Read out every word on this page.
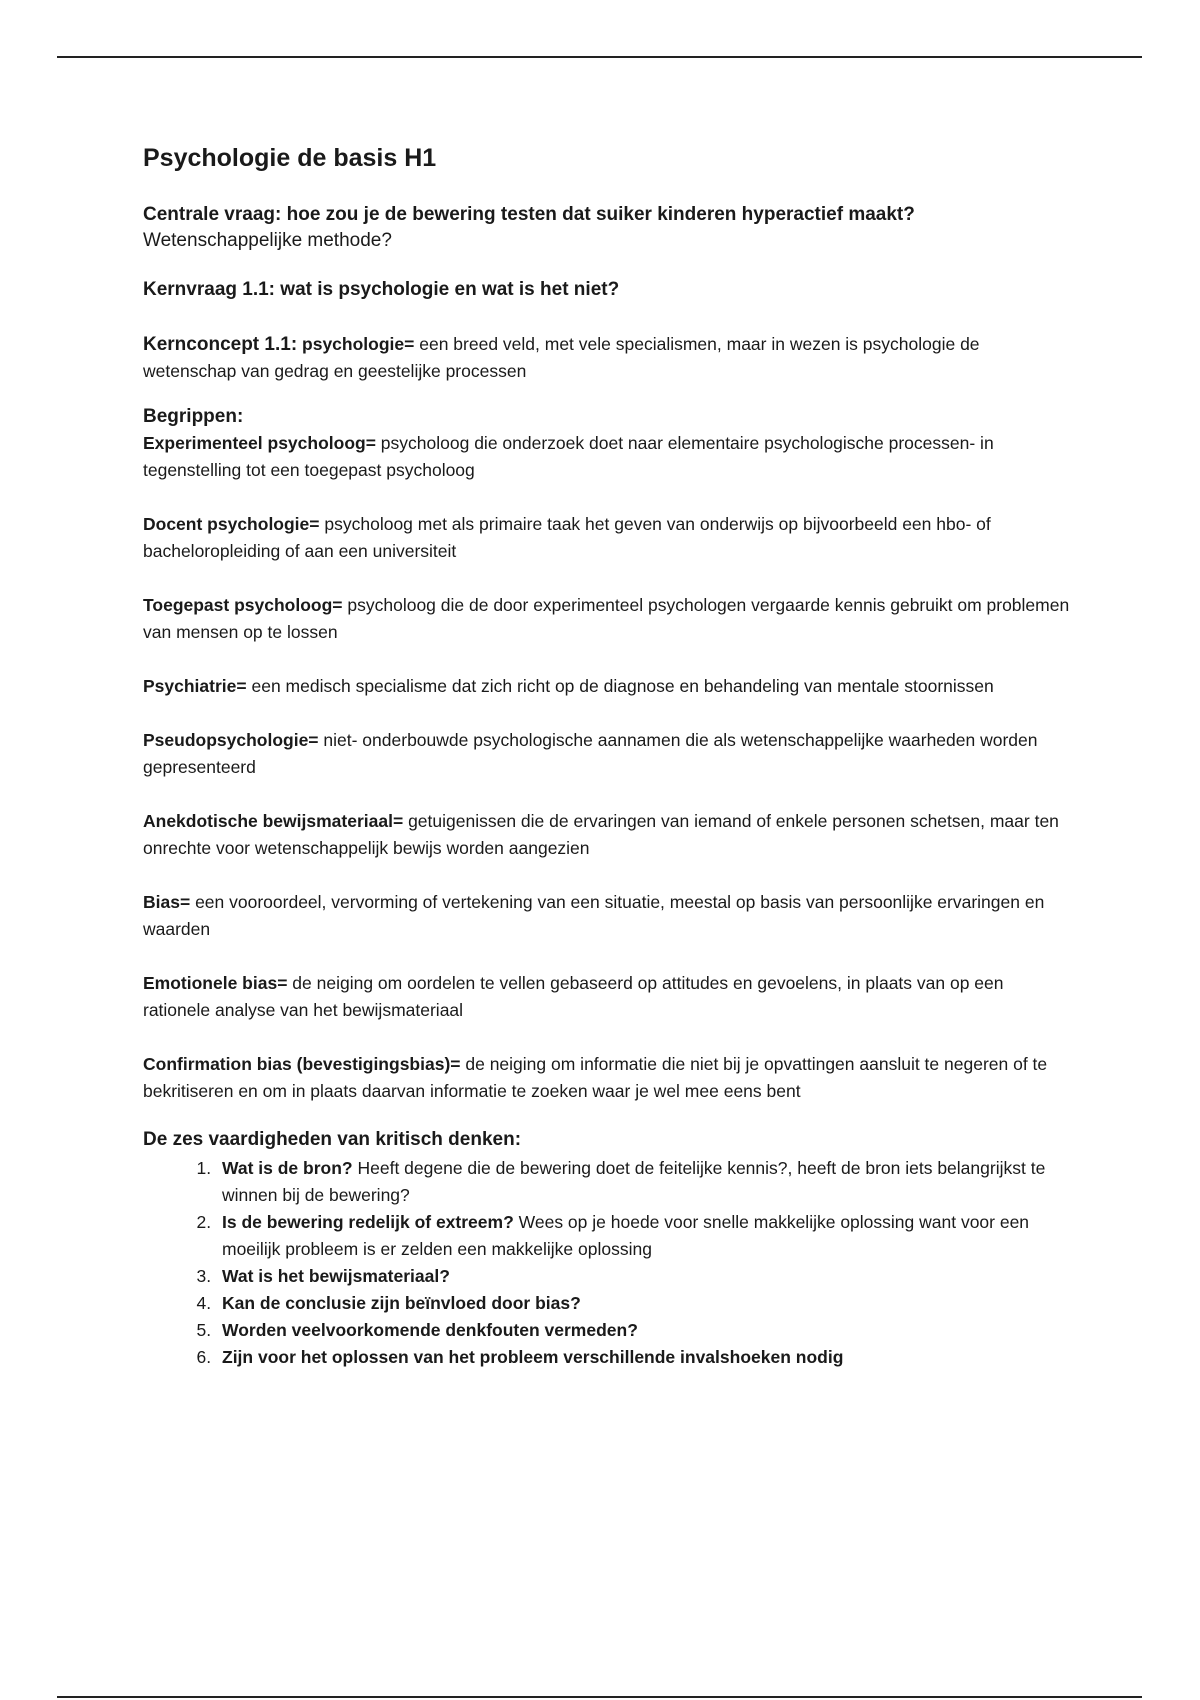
Psychologie de basis H1
Centrale vraag: hoe zou je de bewering testen dat suiker kinderen hyperactief maakt?
Wetenschappelijke methode?
Kernvraag 1.1: wat is psychologie en wat is het niet?

Kernconcept 1.1: psychologie= een breed veld, met vele specialismen, maar in wezen is psychologie de wetenschap van gedrag en geestelijke processen

Begrippen:

Experimenteel psycholoog= psycholoog die onderzoek doet naar elementaire psychologische processen- in tegenstelling tot een toegepast psycholoog

Docent psychologie= psycholoog met als primaire taak het geven van onderwijs op bijvoorbeeld een hbo- of bacheloropleiding of aan een universiteit

Toegepast psycholoog= psycholoog die de door experimenteel psychologen vergaarde kennis gebruikt om problemen van mensen op te lossen

Psychiatrie= een medisch specialisme dat zich richt op de diagnose en behandeling van mentale stoornissen

Pseudopsychologie= niet- onderbouwde psychologische aannamen die als wetenschappelijke waarheden worden gepresenteerd

Anekdotische bewijsmateriaal= getuigenissen die de ervaringen van iemand of enkele personen schetsen, maar ten onrechte voor wetenschappelijk bewijs worden aangezien

Bias= een vooroordeel, vervorming of vertekening van een situatie, meestal op basis van persoonlijke ervaringen en waarden

Emotionele bias= de neiging om oordelen te vellen gebaseerd op attitudes en gevoelens, in plaats van op een rationele analyse van het bewijsmateriaal

Confirmation bias (bevestigingsbias)= de neiging om informatie die niet bij je opvattingen aansluit te negeren of te bekritiseren en om in plaats daarvan informatie te zoeken waar je wel mee eens bent

De zes vaardigheden van kritisch denken:
1. Wat is de bron? Heeft degene die de bewering doet de feitelijke kennis?, heeft de bron iets belangrijkst te winnen bij de bewering?
2. Is de bewering redelijk of extreem? Wees op je hoede voor snelle makkelijke oplossing want voor een moeilijk probleem is er zelden een makkelijke oplossing
3. Wat is het bewijsmateriaal?
4. Kan de conclusie zijn beïnvloed door bias?
5. Worden veelvoorkomende denkfouten vermeden?
6. Zijn voor het oplossen van het probleem verschillende invalshoeken nodig
